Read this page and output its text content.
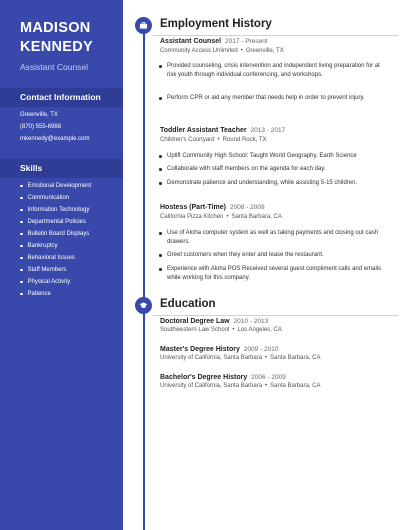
MADISON
KENNEDY
Assistant Counsel
Contact Information
Greenville, TX
(870) 555-6988
mkennedy@example.com
Skills
Emotional Development
Communication
Information Technology
Departmental Policies
Bulletin Board Displays
Bankruptcy
Behavioral Issues
Staff Members
Physical Activity
Patience
Employment History
Assistant Counsel 2017 - Present
Community Access Unlimited • Greenville, TX
Provided counseling, crisis intervention and independent living preparation for at risk youth through individual conferencing, and workshops.
Perform CPR or aid any member that needs help in order to prevent injury.
Toddler Assistant Teacher 2013 - 2017
Children's Courtyard • Round Rock, TX
Uplift Community High School: Taught World Geography, Earth Science
Collaborate with staff members on the agenda for each day.
Demonstrate patience and understanding, while assisting 5-15 children.
Hostess (Part-Time) 2008 - 2009
California Pizza Kitchen • Santa Barbara, CA
Use of Aloha computer system as well as taking payments and closing out cash drawers.
Greet customers when they enter and lease the restaurant.
Experience with Aloha POS Received several guest compliment calls and emails while working for this company.
Education
Doctoral Degree Law 2010 - 2013
Southwestern Law School • Los Angeles, CA
Master's Degree History 2009 - 2010
University of California, Santa Barbara • Santa Barbara, CA
Bachelor's Degree History 2006 - 2009
University of California, Santa Barbara • Santa Barbara, CA
